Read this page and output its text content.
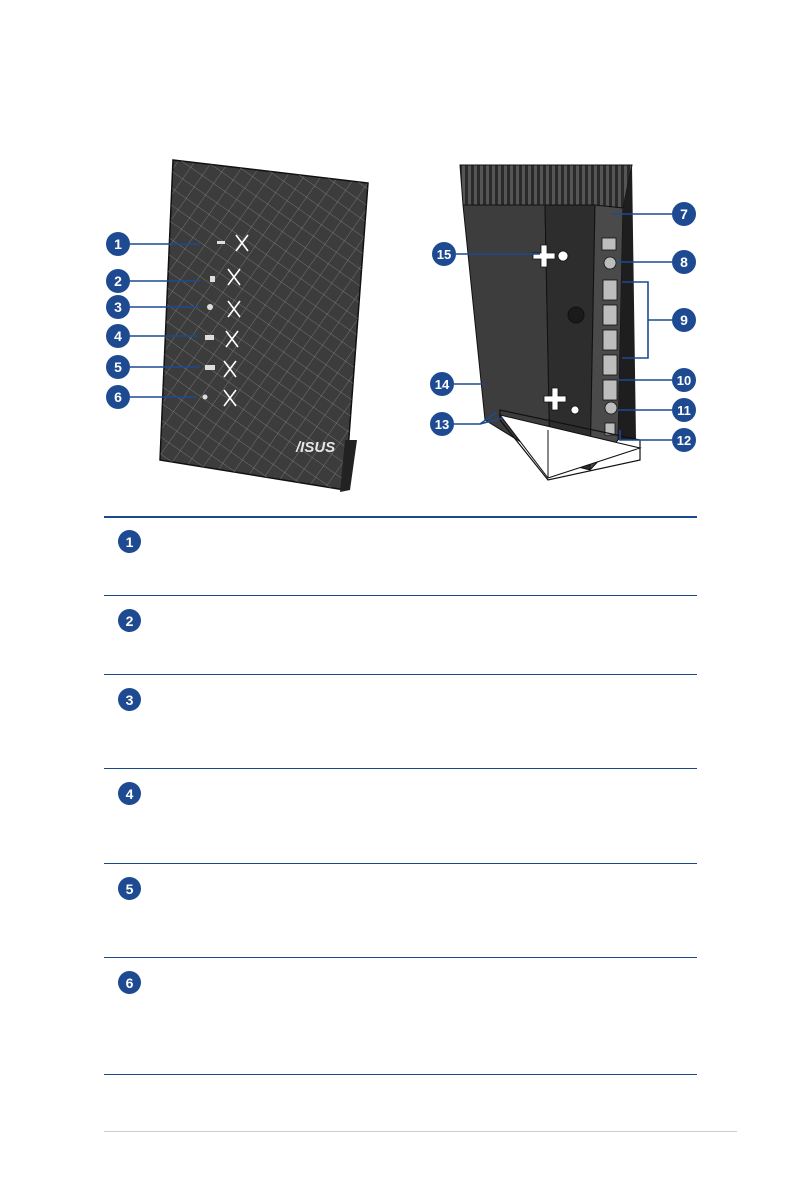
/ISUS
1
2
3
4
5
6
7
8
9
10
11
12
13
14
15
1
2
3
4
5
6
